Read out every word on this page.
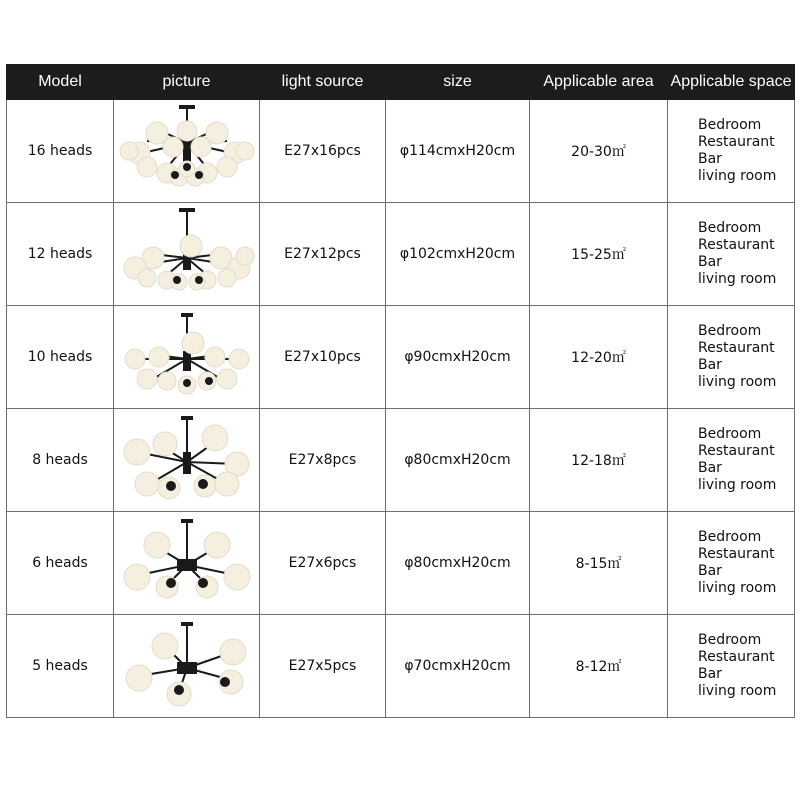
Model	picture	light source	size	Applicable area	Applicable space
16 heads		E27x16pcs	φ114cmxH20cm	20-30㎡	Bedroom
Restaurant
Bar
living room

12 heads		E27x12pcs	φ102cmxH20cm	15-25㎡	Bedroom
Restaurant
Bar
living room

10 heads		E27x10pcs	φ90cmxH20cm	12-20㎡	Bedroom
Restaurant
Bar
living room

8 heads		E27x8pcs	φ80cmxH20cm	12-18㎡	Bedroom
Restaurant
Bar
living room

6 heads		E27x6pcs	φ80cmxH20cm	8-15㎡	Bedroom
Restaurant
Bar
living room

5 heads		E27x5pcs	φ70cmxH20cm	8-12㎡	Bedroom
Restaurant
Bar
living room
